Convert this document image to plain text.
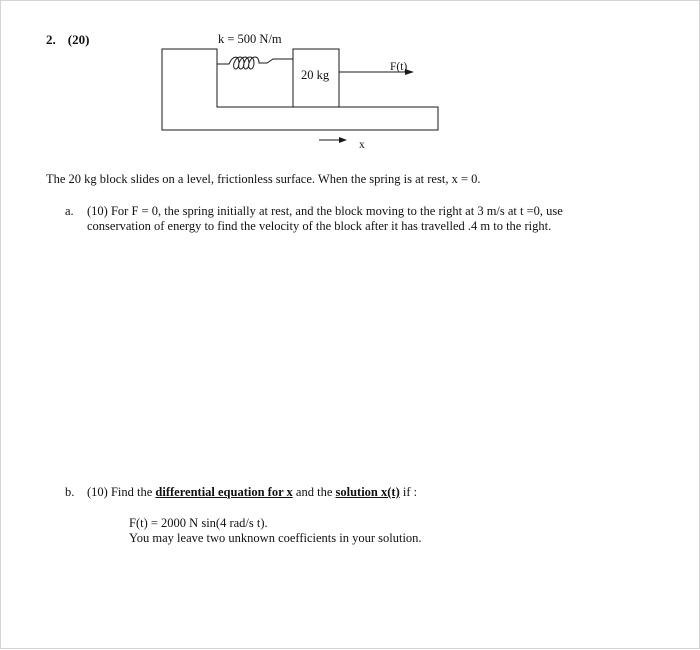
2. (20)	k = 500 N/m
20 kg
F(t)
x
The 20 kg block slides on a level, frictionless surface. When the spring is at rest, x = 0.
a. (10) For F = 0, the spring initially at rest, and the block moving to the right at 3 m/s at t =0, use
conservation of energy to find the velocity of the block after it has travelled .4 m to the right.
b. (10) Find the differential equation for x and the solution x(t) if :
F(t) = 2000 N sin(4 rad/s t).
You may leave two unknown coefficients in your solution.
